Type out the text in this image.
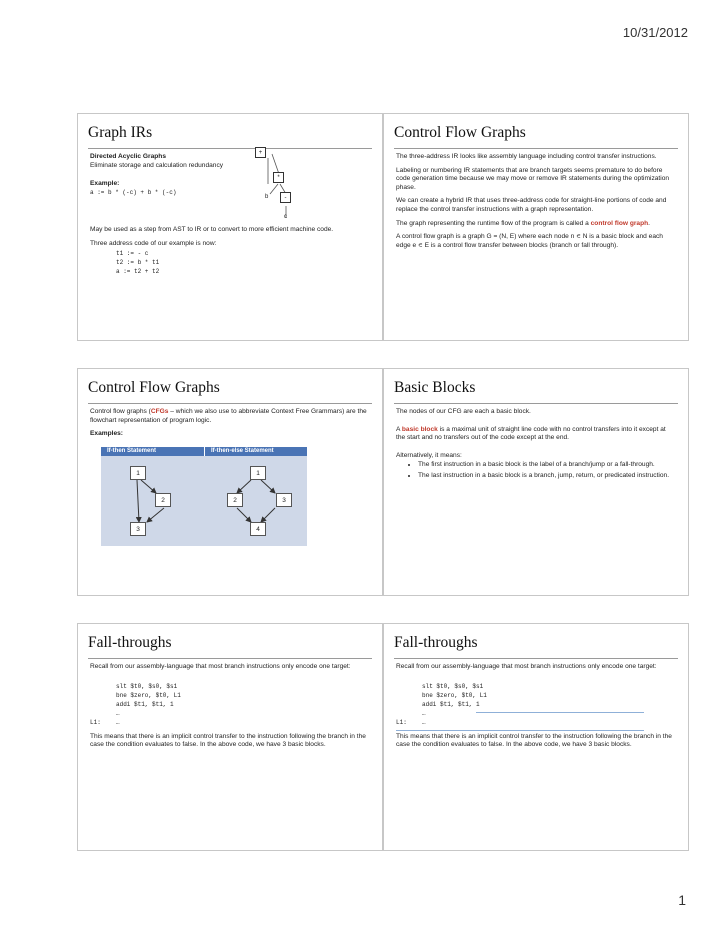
10/31/2012
Graph IRs
Directed Acyclic Graphs

Eliminate storage and calculation redundancy

Example:
a := b * (-c) + b * (-c)

May be used as a step from AST to IR or to convert to more efficient machine code.

Three address code of our example is now:

t1 := - c
t2 := b * t1
a := t2 + t2
+
*
b	-
c
Control Flow Graphs

The three-address IR looks like assembly language including control transfer instructions.

Labeling or numbering IR statements that are branch targets seems premature to do before code generation time because we may move or remove IR statements during the optimization phase.

We can create a hybrid IR that uses three-address code for straight-line portions of code and replace the control transfer instructions with a graph representation.

The graph representing the runtime flow of the program is called a control flow graph.

A control flow graph is a graph G = (N, E) where each node n ∊ N is a basic block and each edge e ∊ E is a control flow transfer between blocks (branch or fall through).

Control Flow Graphs

Control flow graphs (CFGs – which we also use to abbreviate Context Free Grammars) are the flowchart representation of program logic.

Examples:
If-then Statement	If-then-else Statement
1
2
3
1
2	3
4
Basic Blocks

The nodes of our CFG are each a basic block.

A basic block is a maximal unit of straight line code with no control transfers into it except at the start and no transfers out of the code except at the end.

Alternatively, it means:

• The first instruction in a basic block is the label of a branch/jump or a fall-through.
• The last instruction in a basic block is a branch, jump, return, or predicated instruction.
Fall-throughs

Recall from our assembly-language that most branch instructions only encode one target:

slt $t0, $s0, $s1
bne $zero, $t0, L1
addi $t1, $t1, 1
…
L1:	…

This means that there is an implicit control transfer to the instruction following the branch in the case the condition evaluates to false. In the above code, we have 3 basic blocks.

Fall-throughs

Recall from our assembly-language that most branch instructions only encode one target:

slt $t0, $s0, $s1
bne $zero, $t0, L1
addi $t1, $t1, 1
…
L1:	…

This means that there is an implicit control transfer to the instruction following the branch in the case the condition evaluates to false. In the above code, we have 3 basic blocks.

1
